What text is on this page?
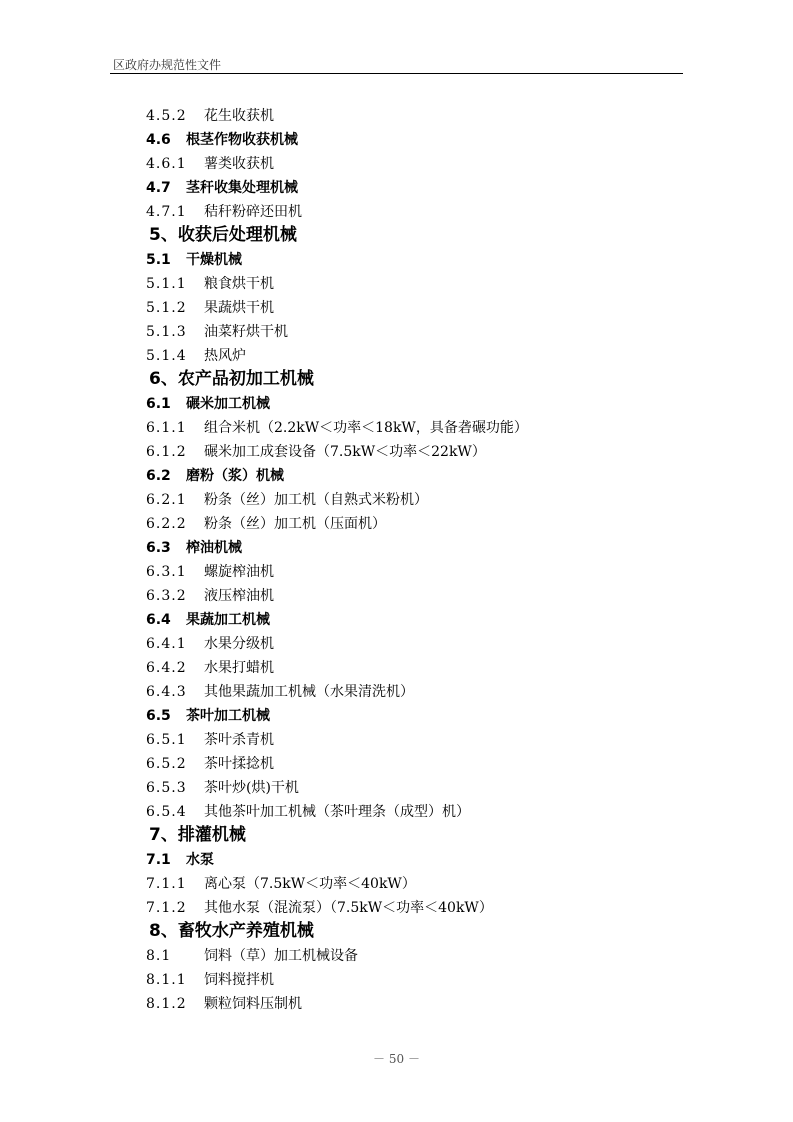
区政府办规范性文件
4.5.2 花生收获机
4.6 根茎作物收获机械
4.6.1 薯类收获机
4.7 茎秆收集处理机械
4.7.1 秸秆粉碎还田机
5、收获后处理机械
5.1 干燥机械
5.1.1 粮食烘干机
5.1.2 果蔬烘干机
5.1.3 油菜籽烘干机
5.1.4 热风炉
6、农产品初加工机械
6.1 碾米加工机械
6.1.1 组合米机（2.2kW＜功率＜18kW，具备砻碾功能）
6.1.2 碾米加工成套设备（7.5kW＜功率＜22kW）
6.2 磨粉（浆）机械
6.2.1 粉条（丝）加工机（自熟式米粉机）
6.2.2 粉条（丝）加工机（压面机）
6.3 榨油机械
6.3.1 螺旋榨油机
6.3.2 液压榨油机
6.4 果蔬加工机械
6.4.1 水果分级机
6.4.2 水果打蜡机
6.4.3 其他果蔬加工机械（水果清洗机）
6.5 茶叶加工机械
6.5.1 茶叶杀青机
6.5.2 茶叶揉捻机
6.5.3 茶叶炒(烘)干机
6.5.4 其他茶叶加工机械（茶叶理条（成型）机）
7、排灌机械
7.1 水泵
7.1.1 离心泵（7.5kW＜功率＜40kW）
7.1.2 其他水泵（混流泵）（7.5kW＜功率＜40kW）
8、畜牧水产养殖机械
8.1 饲料（草）加工机械设备
8.1.1 饲料搅拌机
8.1.2 颗粒饲料压制机
－ 50 －
